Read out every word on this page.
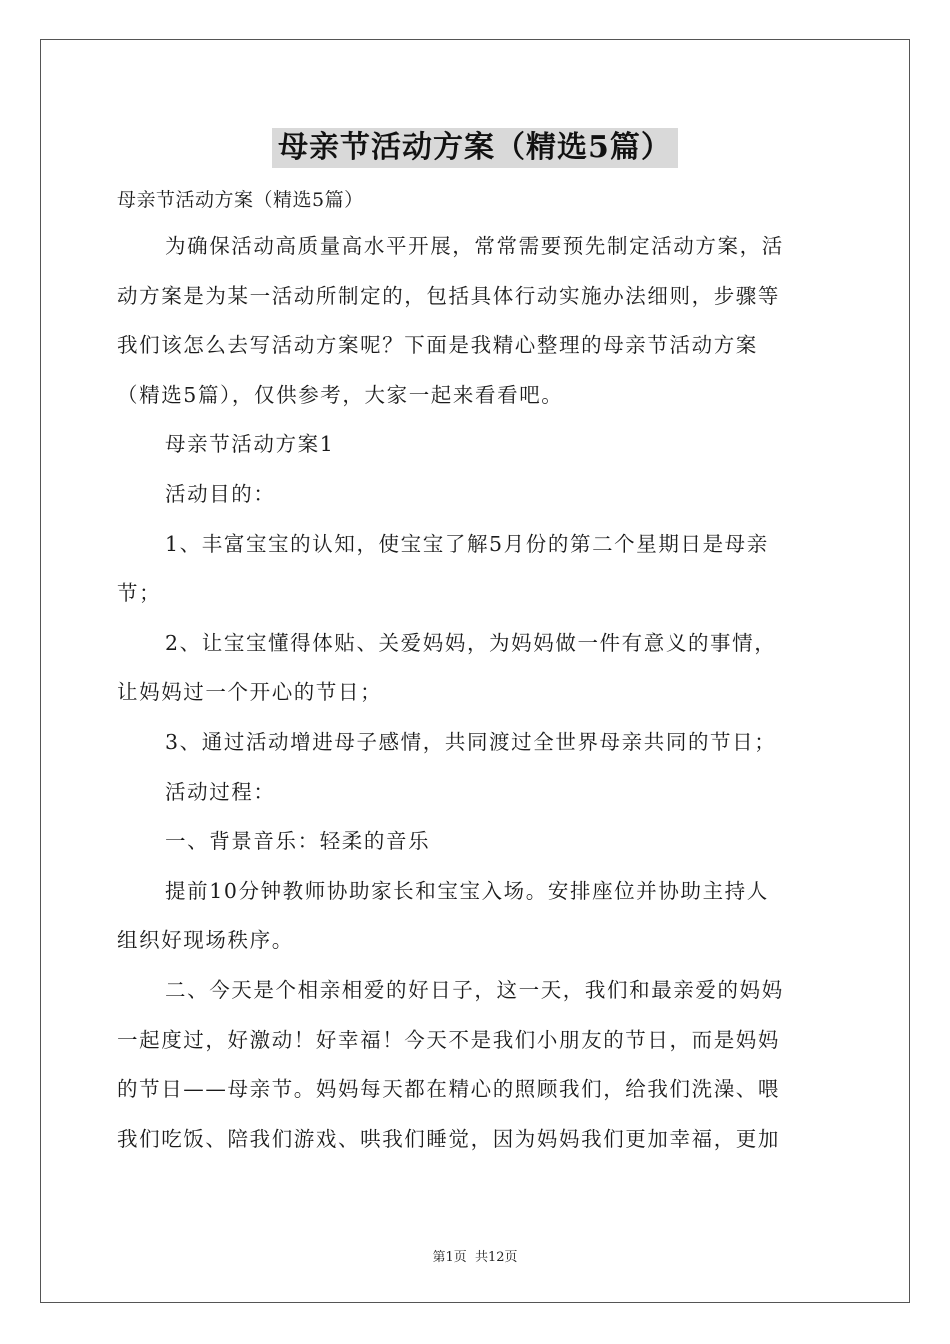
母亲节活动方案（精选5篇）

母亲节活动方案（精选5篇）

为确保活动高质量高水平开展，常常需要预先制定活动方案，活

动方案是为某一活动所制定的，包括具体行动实施办法细则，步骤等

我们该怎么去写活动方案呢？下面是我精心整理的母亲节活动方案

（精选5篇），仅供参考，大家一起来看看吧。

母亲节活动方案1

活动目的：

1、丰富宝宝的认知，使宝宝了解5月份的第二个星期日是母亲

节；

2、让宝宝懂得体贴、关爱妈妈，为妈妈做一件有意义的事情，

让妈妈过一个开心的节日；

3、通过活动增进母子感情，共同渡过全世界母亲共同的节日；

活动过程：

一、背景音乐：轻柔的音乐

提前10分钟教师协助家长和宝宝入场。安排座位并协助主持人

组织好现场秩序。

二、今天是个相亲相爱的好日子，这一天，我们和最亲爱的妈妈

一起度过，好激动！好幸福！今天不是我们小朋友的节日，而是妈妈

的节日——母亲节。妈妈每天都在精心的照顾我们，给我们洗澡、喂

我们吃饭、陪我们游戏、哄我们睡觉，因为妈妈我们更加幸福，更加

第1页 共12页
